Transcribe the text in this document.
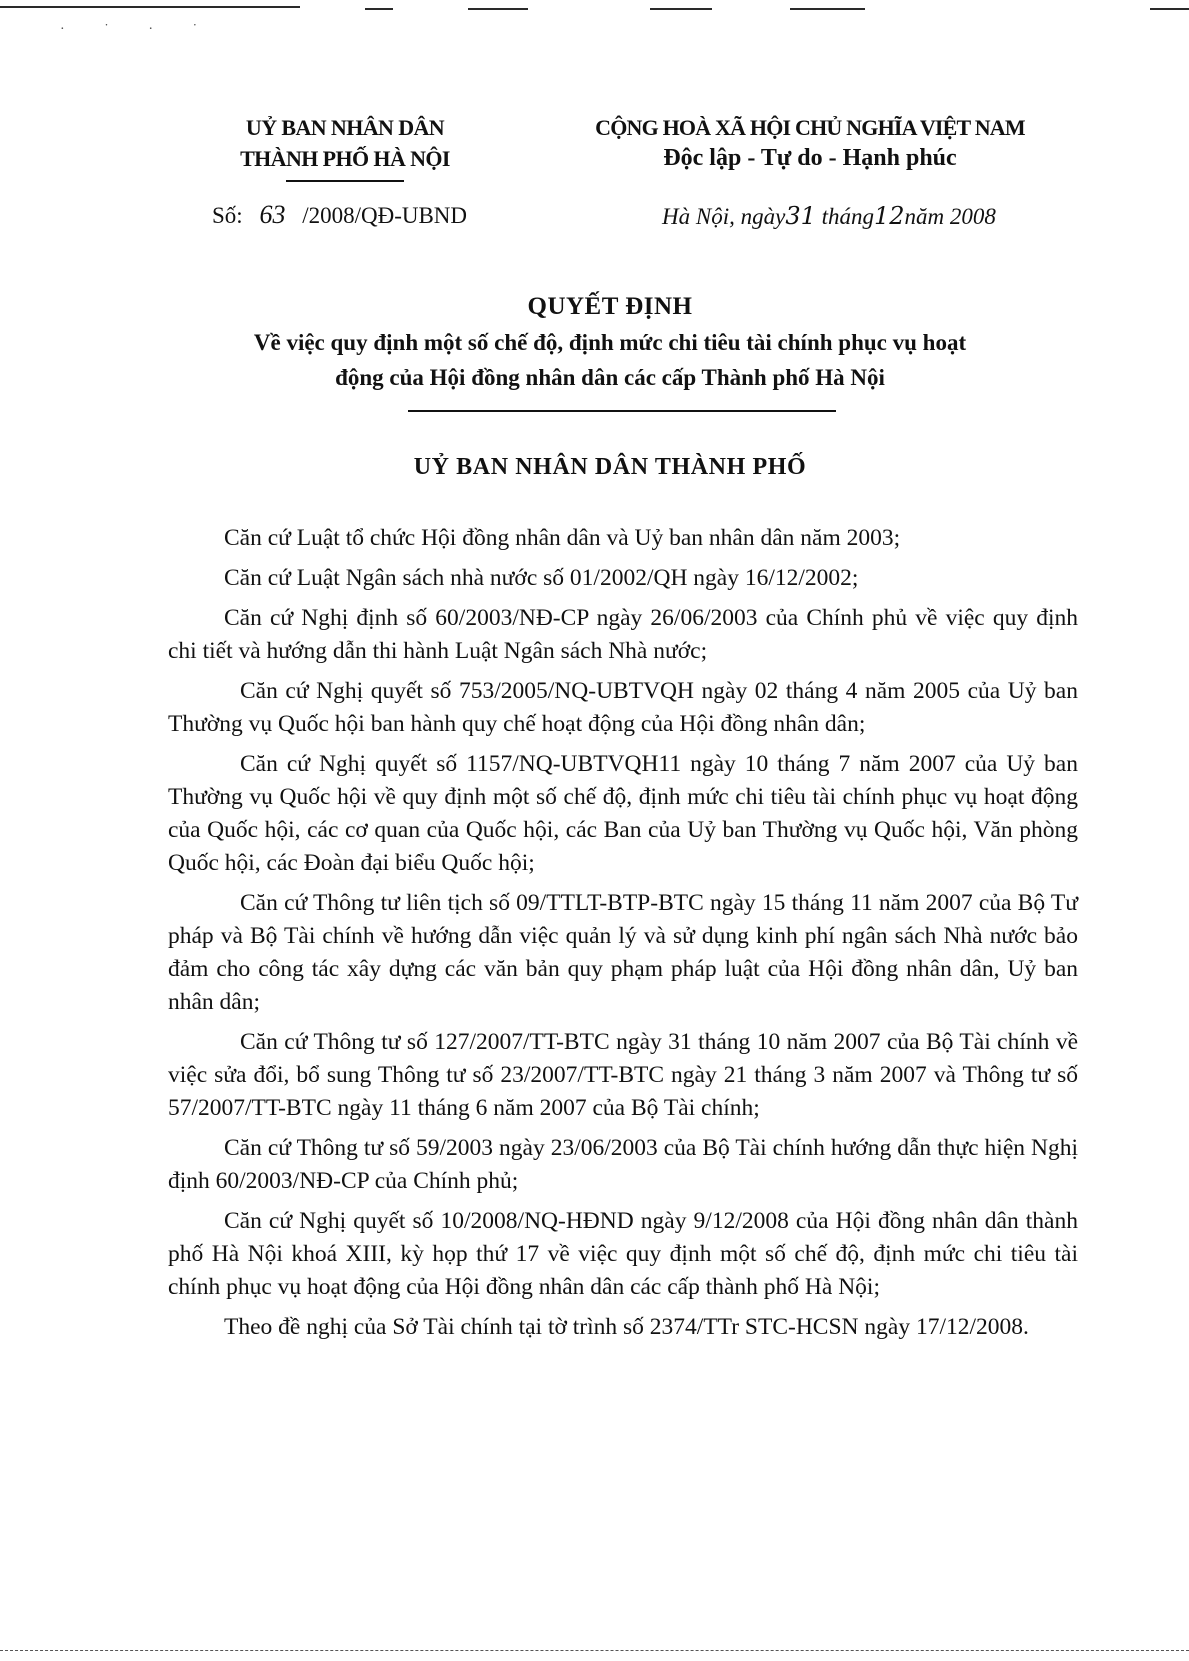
· ˙ · ˙
UỶ BAN NHÂN DÂN
THÀNH PHỐ HÀ NỘI
CỘNG HOÀ XÃ HỘI CHỦ NGHĨA VIỆT NAM
Độc lập - Tự do - Hạnh phúc
Số: 63 /2008/QĐ-UBND	Hà Nội, ngày31 tháng12năm 2008
QUYẾT ĐỊNH
Về việc quy định một số chế độ, định mức chi tiêu tài chính phục vụ hoạt
động của Hội đồng nhân dân các cấp Thành phố Hà Nội
UỶ BAN NHÂN DÂN THÀNH PHỐ

Căn cứ Luật tổ chức Hội đồng nhân dân và Uỷ ban nhân dân năm 2003;

Căn cứ Luật Ngân sách nhà nước số 01/2002/QH ngày 16/12/2002;

Căn cứ Nghị định số 60/2003/NĐ-CP ngày 26/06/2003 của Chính phủ về việc quy định chi tiết và hướng dẫn thi hành Luật Ngân sách Nhà nước;

Căn cứ Nghị quyết số 753/2005/NQ-UBTVQH ngày 02 tháng 4 năm 2005 của Uỷ ban Thường vụ Quốc hội ban hành quy chế hoạt động của Hội đồng nhân dân;

Căn cứ Nghị quyết số 1157/NQ-UBTVQH11 ngày 10 tháng 7 năm 2007 của Uỷ ban Thường vụ Quốc hội về quy định một số chế độ, định mức chi tiêu tài chính phục vụ hoạt động của Quốc hội, các cơ quan của Quốc hội, các Ban của Uỷ ban Thường vụ Quốc hội, Văn phòng Quốc hội, các Đoàn đại biểu Quốc hội;

Căn cứ Thông tư liên tịch số 09/TTLT-BTP-BTC ngày 15 tháng 11 năm 2007 của Bộ Tư pháp và Bộ Tài chính về hướng dẫn việc quản lý và sử dụng kinh phí ngân sách Nhà nước bảo đảm cho công tác xây dựng các văn bản quy phạm pháp luật của Hội đồng nhân dân, Uỷ ban nhân dân;

Căn cứ Thông tư số 127/2007/TT-BTC ngày 31 tháng 10 năm 2007 của Bộ Tài chính về việc sửa đổi, bổ sung Thông tư số 23/2007/TT-BTC ngày 21 tháng 3 năm 2007 và Thông tư số 57/2007/TT-BTC ngày 11 tháng 6 năm 2007 của Bộ Tài chính;

Căn cứ Thông tư số 59/2003 ngày 23/06/2003 của Bộ Tài chính hướng dẫn thực hiện Nghị định 60/2003/NĐ-CP của Chính phủ;

Căn cứ Nghị quyết số 10/2008/NQ-HĐND ngày 9/12/2008 của Hội đồng nhân dân thành phố Hà Nội khoá XIII, kỳ họp thứ 17 về việc quy định một số chế độ, định mức chi tiêu tài chính phục vụ hoạt động của Hội đồng nhân dân các cấp thành phố Hà Nội;

Theo đề nghị của Sở Tài chính tại tờ trình số 2374/TTr STC-HCSN ngày 17/12/2008.
